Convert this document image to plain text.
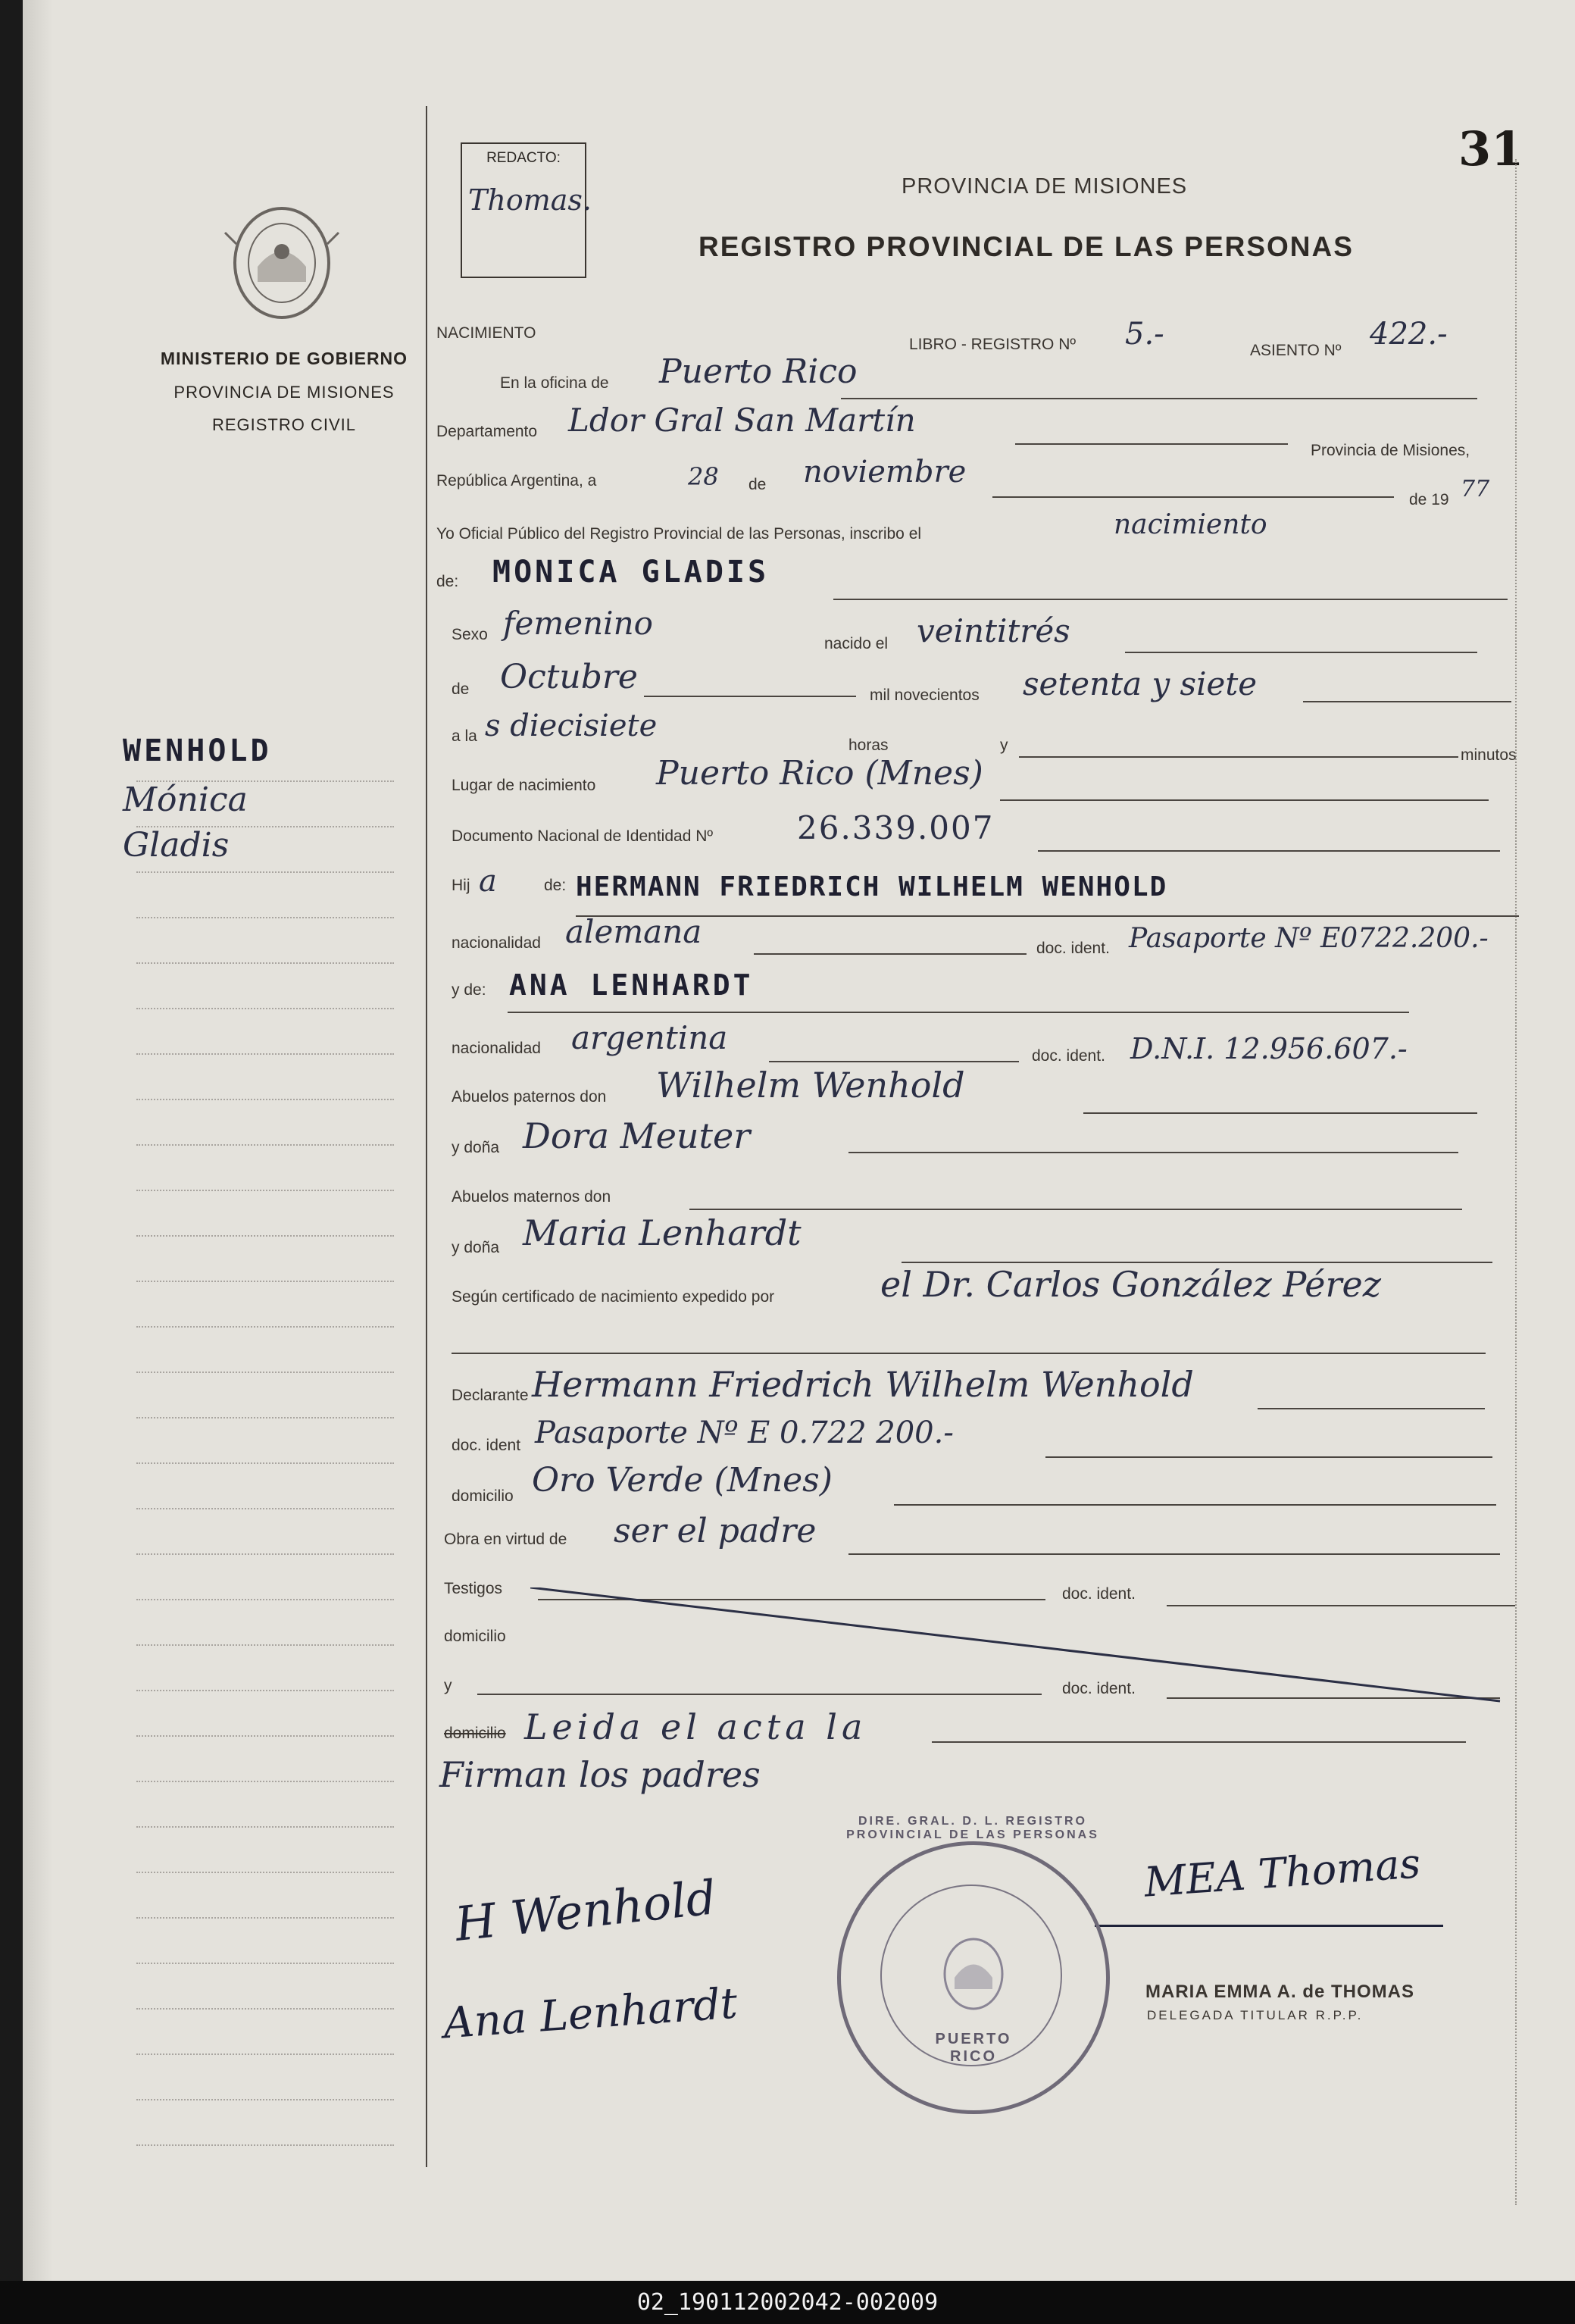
31
MINISTERIO DE GOBIERNO
PROVINCIA DE MISIONES
REGISTRO CIVIL
WENHOLD
Mónica
Gladis
REDACTO:
Thomas.	PROVINCIA DE MISIONES
REGISTRO PROVINCIAL DE LAS PERSONAS
NACIMIENTO
LIBRO - REGISTRO Nº 5.-	ASIENTO Nº 422.-
En la oficina de Puerto Rico
Departamento Ldor Gral San Martín
Provincia de Misiones,
República Argentina, a	28 de noviembre
de 19 77
Yo Oficial Público del Registro Provincial de las Personas, inscribo el	nacimiento
de: MONICA GLADIS
Sexo femenino
nacido el veintitrés
de Octubre	mil novecientos setenta y siete
a la s diecisiete
horas	y
minutos
Lugar de nacimiento Puerto Rico (Mnes)
Documento Nacional de Identidad Nº	26.339.007
Hij a	de: HERMANN FRIEDRICH WILHELM WENHOLD
nacionalidad alemana	doc. ident. Pasaporte Nº E0722.200.-
y de: ANA LENHARDT
nacionalidad argentina	doc. ident. D.N.I. 12.956.607.-
Abuelos paternos don Wilhelm Wenhold
y doña Dora Meuter
Abuelos maternos don
y doña Maria Lenhardt
Según certificado de nacimiento expedido por	el Dr. Carlos González Pérez
Declarante Hermann Friedrich Wilhelm Wenhold
doc. ident Pasaporte Nº E 0.722 200.-
domicilio Oro Verde (Mnes)
Obra en virtud de ser el padre
Testigos	doc. ident.
domicilio
y	doc. ident.
domicilio Leida el acta la
Firman los padres
H Wenhold
Ana Lenhardt
MEA Thomas
MARIA EMMA A. de THOMAS
DELEGADA TITULAR R.P.P.
DIRE. GRAL. D. L. REGISTRO PROVINCIAL DE LAS PERSONAS
PUERTO RICO
02_190112002042-002009
